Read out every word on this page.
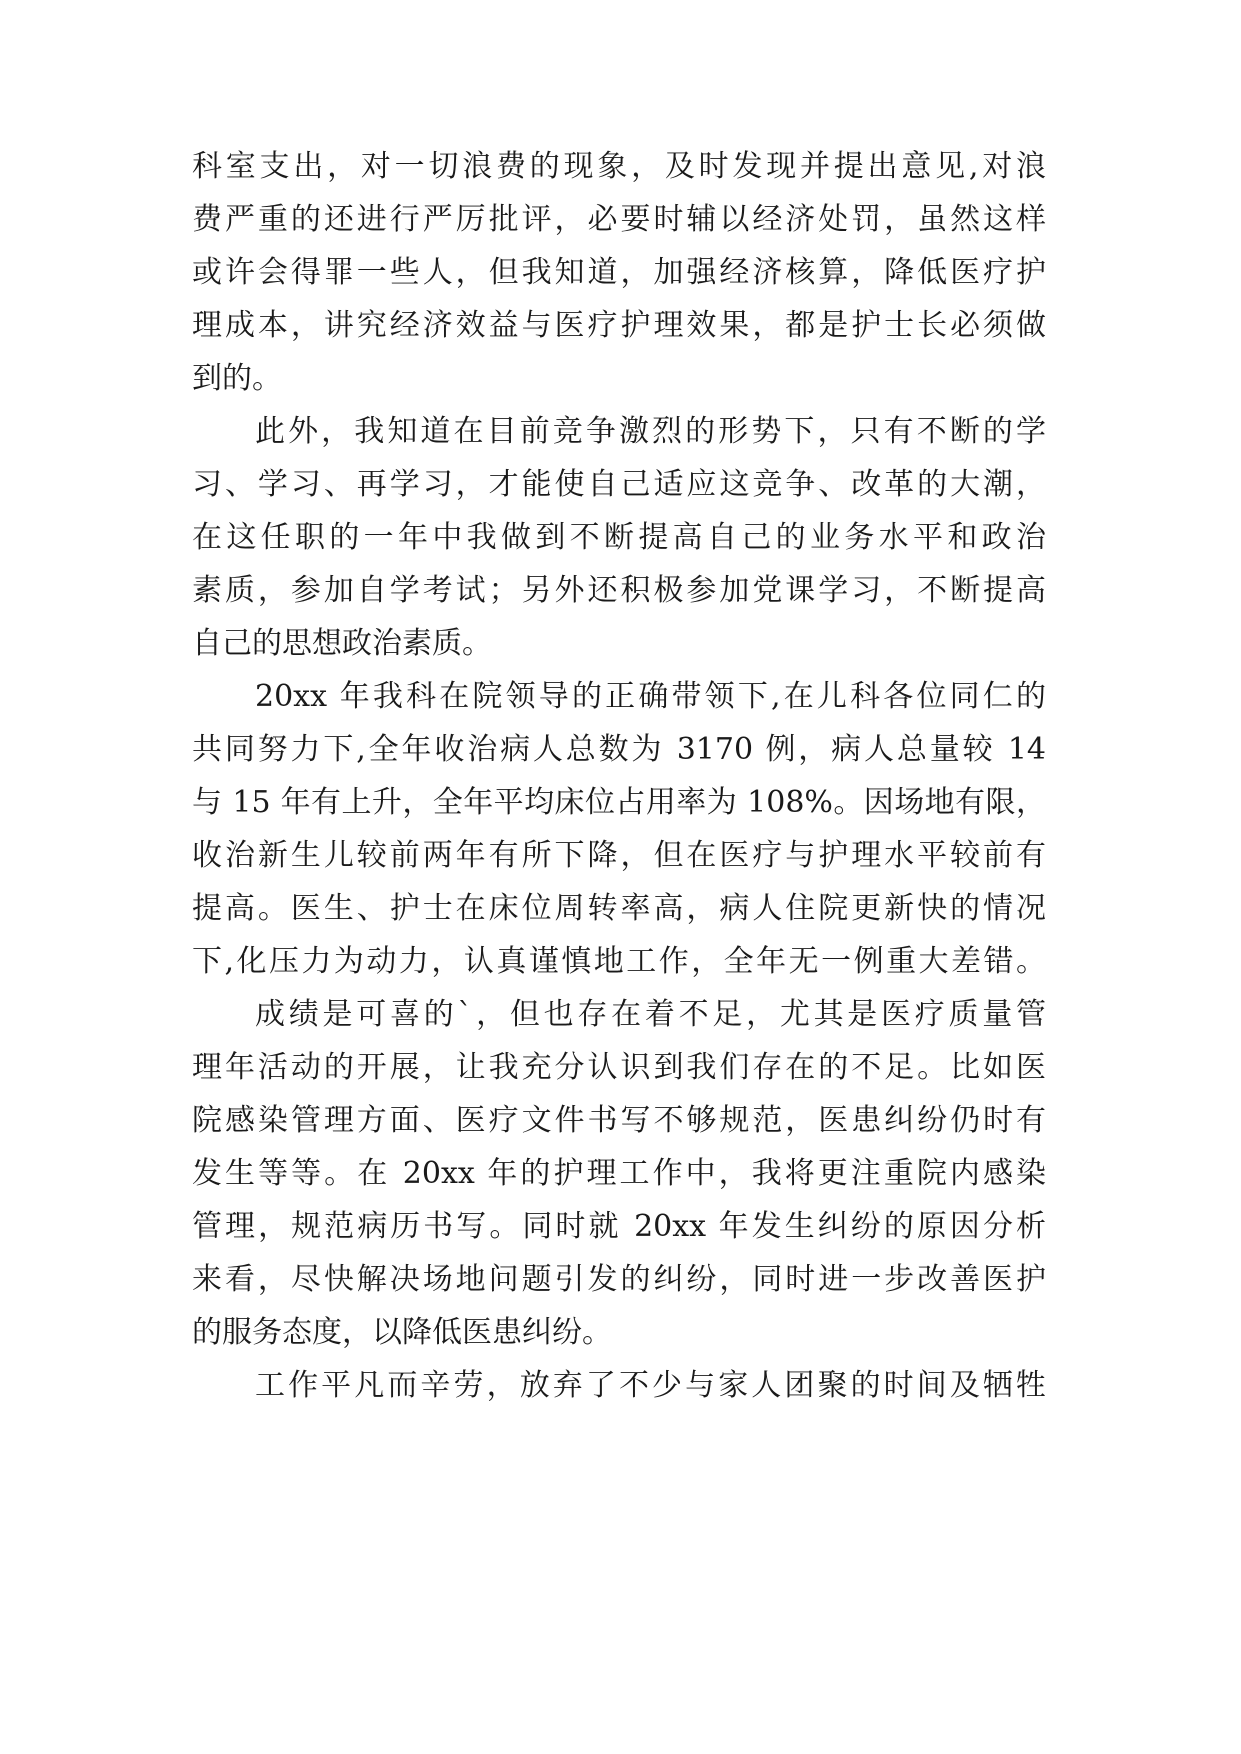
科室支出，对一切浪费的现象，及时发现并提出意见,对浪
费严重的还进行严厉批评，必要时辅以经济处罚，虽然这样
或许会得罪一些人，但我知道，加强经济核算，降低医疗护
理成本，讲究经济效益与医疗护理效果，都是护士长必须做
到的。
此外，我知道在目前竞争激烈的形势下，只有不断的学
习、学习、再学习，才能使自己适应这竞争、改革的大潮，
在这任职的一年中我做到不断提高自己的业务水平和政治
素质，参加自学考试；另外还积极参加党课学习，不断提高
自己的思想政治素质。
20xx 年我科在院领导的正确带领下,在儿科各位同仁的
共同努力下,全年收治病人总数为 3170 例，病人总量较 14
与 15 年有上升，全年平均床位占用率为 108%。因场地有限，
收治新生儿较前两年有所下降，但在医疗与护理水平较前有
提高。医生、护士在床位周转率高，病人住院更新快的情况
下,化压力为动力，认真谨慎地工作，全年无一例重大差错。
成绩是可喜的`，但也存在着不足，尤其是医疗质量管
理年活动的开展，让我充分认识到我们存在的不足。比如医
院感染管理方面、医疗文件书写不够规范，医患纠纷仍时有
发生等等。在 20xx 年的护理工作中，我将更注重院内感染
管理，规范病历书写。同时就 20xx 年发生纠纷的原因分析
来看，尽快解决场地问题引发的纠纷，同时进一步改善医护
的服务态度，以降低医患纠纷。
工作平凡而辛劳，放弃了不少与家人团聚的时间及牺牲
